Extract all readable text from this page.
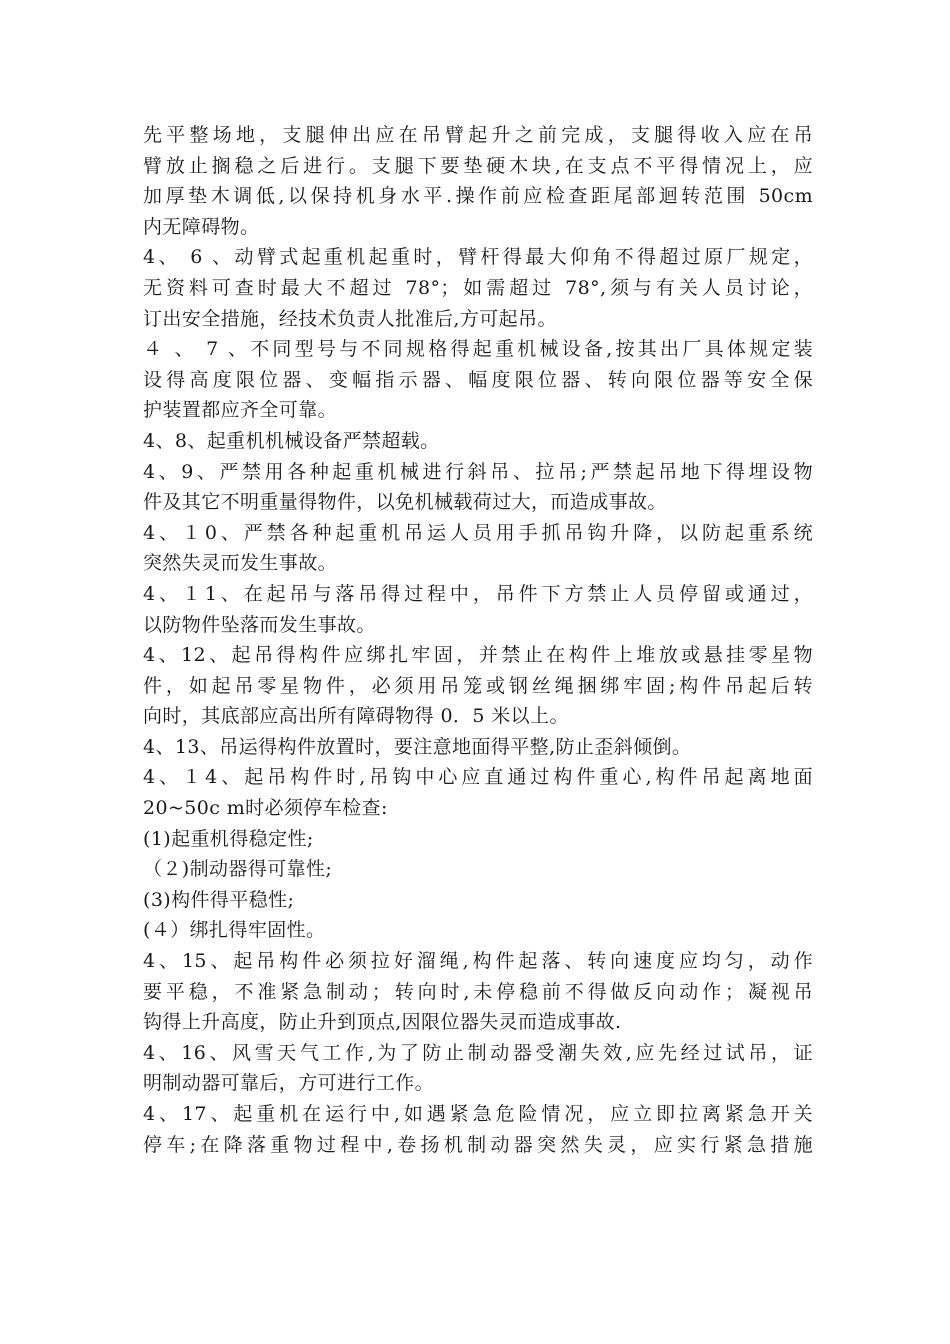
先平整场地，支腿伸出应在吊臂起升之前完成，支腿得收入应在吊
臂放止搁稳之后进行。支腿下要垫硬木块,在支点不平得情况上，应
加厚垫木调低,以保持机身水平.操作前应检查距尾部迴转范围 50cm
内无障碍物。
4、 6 、动臂式起重机起重时，臂杆得最大仰角不得超过原厂规定，
无资料可查时最大不超过 78°；如需超过 78°,须与有关人员讨论，
订出安全措施，经技术负责人批准后,方可起吊。
４ 、 7 、不同型号与不同规格得起重机械设备,按其出厂具体规定装
设得高度限位器、变幅指示器、幅度限位器、转向限位器等安全保
护装置都应齐全可靠。
4、8、起重机机械设备严禁超载。
4、9、严禁用各种起重机械进行斜吊、拉吊;严禁起吊地下得埋设物
件及其它不明重量得物件，以免机械载荷过大，而造成事故。
4、１0、严禁各种起重机吊运人员用手抓吊钩升降，以防起重系统
突然失灵而发生事故。
4、１1、在起吊与落吊得过程中，吊件下方禁止人员停留或通过，
以防物件坠落而发生事故。
4、12、起吊得构件应绑扎牢固，并禁止在构件上堆放或悬挂零星物
件，如起吊零星物件，必须用吊笼或钢丝绳捆绑牢固;构件吊起后转
向时，其底部应高出所有障碍物得 0．5 米以上。
4、13、吊运得构件放置时，要注意地面得平整,防止歪斜倾倒。
4、１4、起吊构件时,吊钩中心应直通过构件重心,构件吊起离地面
20~50c m时必须停车检查:
(1)起重机得稳定性;
（２)制动器得可靠性;
(3)构件得平稳性;
(４）绑扎得牢固性。
4、15、起吊构件必须拉好溜绳,构件起落、转向速度应均匀，动作
要平稳，不准紧急制动；转向时,未停稳前不得做反向动作；凝视吊
钩得上升高度，防止升到顶点,因限位器失灵而造成事故.
4、16、风雪天气工作,为了防止制动器受潮失效,应先经过试吊，证
明制动器可靠后，方可进行工作。
4、17、起重机在运行中,如遇紧急危险情况，应立即拉离紧急开关
停车;在降落重物过程中,卷扬机制动器突然失灵，应实行紧急措施
